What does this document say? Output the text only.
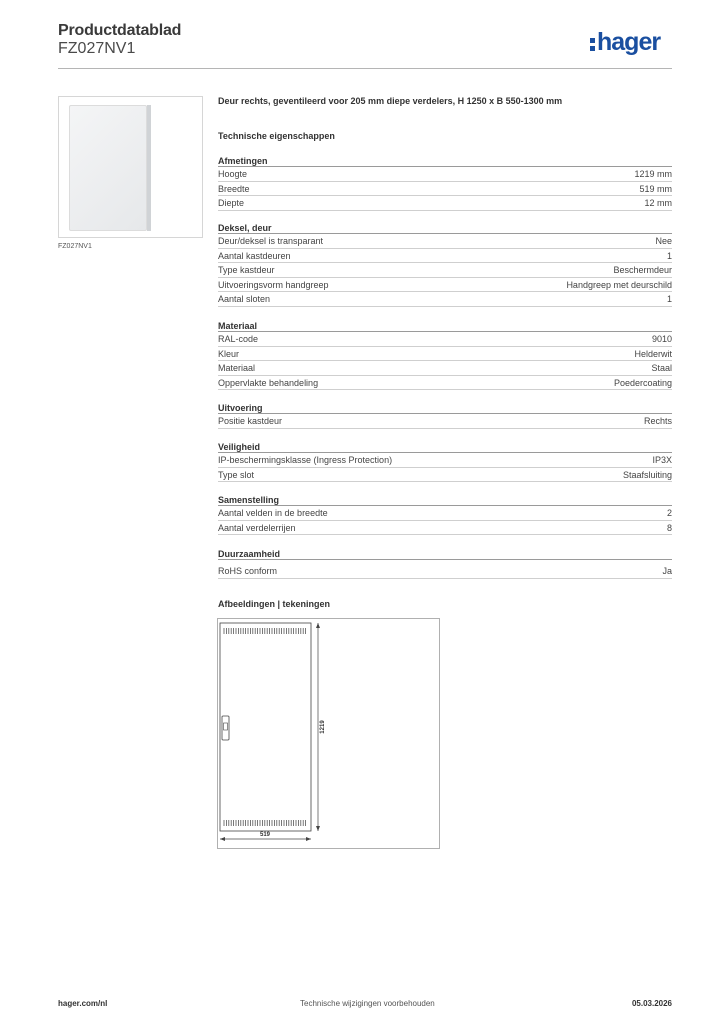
Productdatablad
FZ027NV1	hager
FZ027NV1
Deur rechts, geventileerd voor 205 mm diepe verdelers, H 1250 x B 550-1300 mm
Technische eigenschappen
Afmetingen
Hoogte	1219 mm
Breedte	519 mm
Diepte	12 mm
Deksel, deur
Deur/deksel is transparant	Nee
Aantal kastdeuren	1
Type kastdeur	Beschermdeur
Uitvoeringsvorm handgreep	Handgreep met deurschild
Aantal sloten	1
Materiaal
RAL-code	9010
Kleur	Helderwit
Materiaal	Staal
Oppervlakte behandeling	Poedercoating
Uitvoering
Positie kastdeur	Rechts
Veiligheid
IP-beschermingsklasse (Ingress Protection)	IP3X
Type slot	Staafsluiting
Samenstelling
Aantal velden in de breedte	2
Aantal verdelerrijen	8
Duurzaamheid
RoHS conform	Ja
Afbeeldingen | tekeningen
1219
519
hager.com/nl	Technische wijzigingen voorbehouden	05.03.2026
